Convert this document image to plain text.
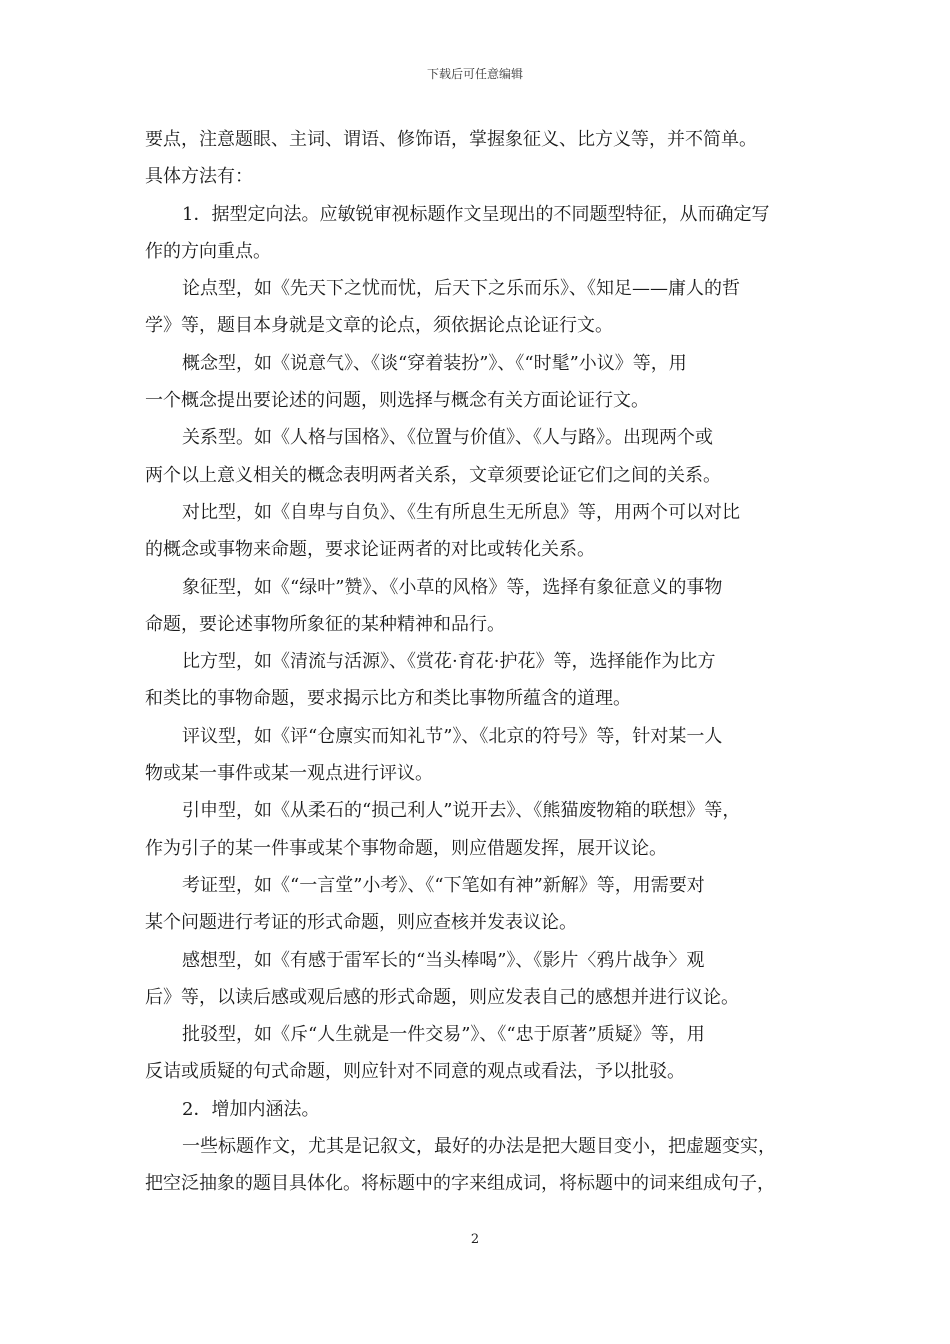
下载后可任意编辑
要点，注意题眼、主词、谓语、修饰语，掌握象征义、比方义等，并不简单。
具体方法有：
1．据型定向法。应敏锐审视标题作文呈现出的不同题型特征，从而确定写
作的方向重点。
论点型，如《先天下之忧而忧，后天下之乐而乐》、《知足——庸人的哲
学》等，题目本身就是文章的论点，须依据论点论证行文。
概念型，如《说意气》、《谈“穿着装扮”》、《“时髦”小议》等，用
一个概念提出要论述的问题，则选择与概念有关方面论证行文。
关系型。如《人格与国格》、《位置与价值》、《人与路》。出现两个或
两个以上意义相关的概念表明两者关系，文章须要论证它们之间的关系。
对比型，如《自卑与自负》、《生有所息生无所息》等，用两个可以对比
的概念或事物来命题，要求论证两者的对比或转化关系。
象征型，如《“绿叶”赞》、《小草的风格》等，选择有象征意义的事物
命题，要论述事物所象征的某种精神和品行。
比方型，如《清流与活源》、《赏花·育花·护花》等，选择能作为比方
和类比的事物命题，要求揭示比方和类比事物所蕴含的道理。
评议型，如《评“仓廪实而知礼节”》、《北京的符号》等，针对某一人
物或某一事件或某一观点进行评议。
引申型，如《从柔石的“损己利人”说开去》、《熊猫废物箱的联想》等，
作为引子的某一件事或某个事物命题，则应借题发挥，展开议论。
考证型，如《“一言堂”小考》、《“下笔如有神”新解》等，用需要对
某个问题进行考证的形式命题，则应查核并发表议论。
感想型，如《有感于雷军长的“当头棒喝”》、《影片〈鸦片战争〉观
后》等，以读后感或观后感的形式命题，则应发表自己的感想并进行议论。
批驳型，如《斥“人生就是一件交易”》、《“忠于原著”质疑》等，用
反诘或质疑的句式命题，则应针对不同意的观点或看法，予以批驳。
2．增加内涵法。
一些标题作文，尤其是记叙文，最好的办法是把大题目变小，把虚题变实，
把空泛抽象的题目具体化。将标题中的字来组成词，将标题中的词来组成句子，
2
